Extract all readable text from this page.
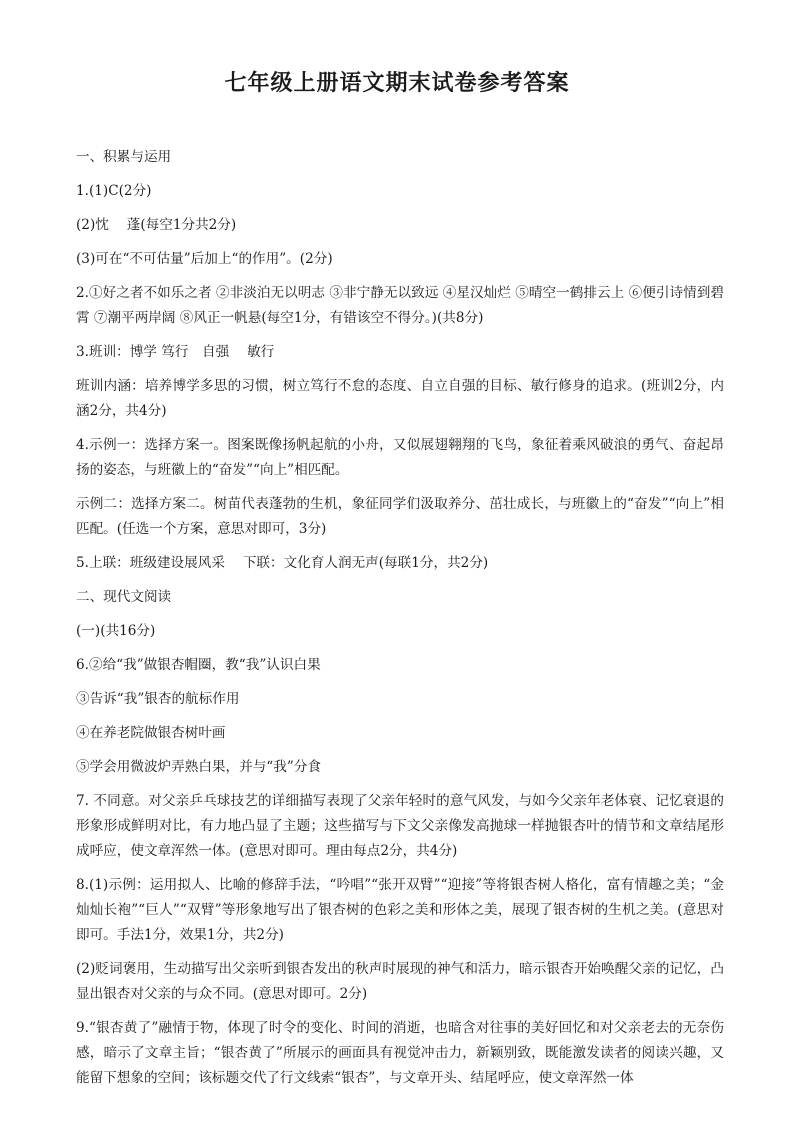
七年级上册语文期末试卷参考答案

一、积累与运用

1.(1)C(2分)

(2)忱　 蓬(每空1分共2分)

(3)可在“不可估量”后加上“的作用”。(2分)

2.①好之者不如乐之者 ②非淡泊无以明志 ③非宁静无以致远 ④星汉灿烂 ⑤晴空一鹤排云上 ⑥便引诗情到碧霄 ⑦潮平两岸阔 ⑧风正一帆悬(每空1分，有错该空不得分。)(共8分)

3.班训：博学 笃行　自强　 敏行

班训内涵：培养博学多思的习惯，树立笃行不怠的态度、自立自强的目标、敏行修身的追求。(班训2分，内涵2分，共4分)

4.示例一：选择方案一。图案既像扬帆起航的小舟，又似展翅翱翔的飞鸟，象征着乘风破浪的勇气、奋起昂扬的姿态，与班徽上的“奋发”“向上”相匹配。

示例二：选择方案二。树苗代表蓬勃的生机，象征同学们汲取养分、茁壮成长，与班徽上的“奋发”“向上”相匹配。(任选一个方案，意思对即可，3分)

5.上联：班级建设展风采　 下联：文化育人润无声(每联1分，共2分)

二、现代文阅读

(一)(共16分)

6.②给“我”做银杏帽圈，教“我”认识白果

③告诉“我”银杏的航标作用

④在养老院做银杏树叶画

⑤学会用微波炉弄熟白果，并与“我”分食

7. 不同意。对父亲乒乓球技艺的详细描写表现了父亲年轻时的意气风发，与如今父亲年老体衰、记忆衰退的形象形成鲜明对比，有力地凸显了主题；这些描写与下文父亲像发高抛球一样抛银杏叶的情节和文章结尾形成呼应，使文章浑然一体。(意思对即可。理由每点2分，共4分)

8.(1)示例：运用拟人、比喻的修辞手法，“吟唱”“张开双臂”“迎接”等将银杏树人格化，富有情趣之美；“金灿灿长袍”“巨人”“双臂”等形象地写出了银杏树的色彩之美和形体之美，展现了银杏树的生机之美。(意思对即可。手法1分，效果1分，共2分)

(2)贬词褒用，生动描写出父亲听到银杏发出的秋声时展现的神气和活力，暗示银杏开始唤醒父亲的记忆，凸显出银杏对父亲的与众不同。(意思对即可。2分)

9.“银杏黄了”融情于物，体现了时令的变化、时间的消逝，也暗含对往事的美好回忆和对父亲老去的无奈伤感，暗示了文章主旨；“银杏黄了”所展示的画面具有视觉冲击力，新颖别致，既能激发读者的阅读兴趣，又能留下想象的空间；该标题交代了行文线索“银杏”，与文章开头、结尾呼应，使文章浑然一体
